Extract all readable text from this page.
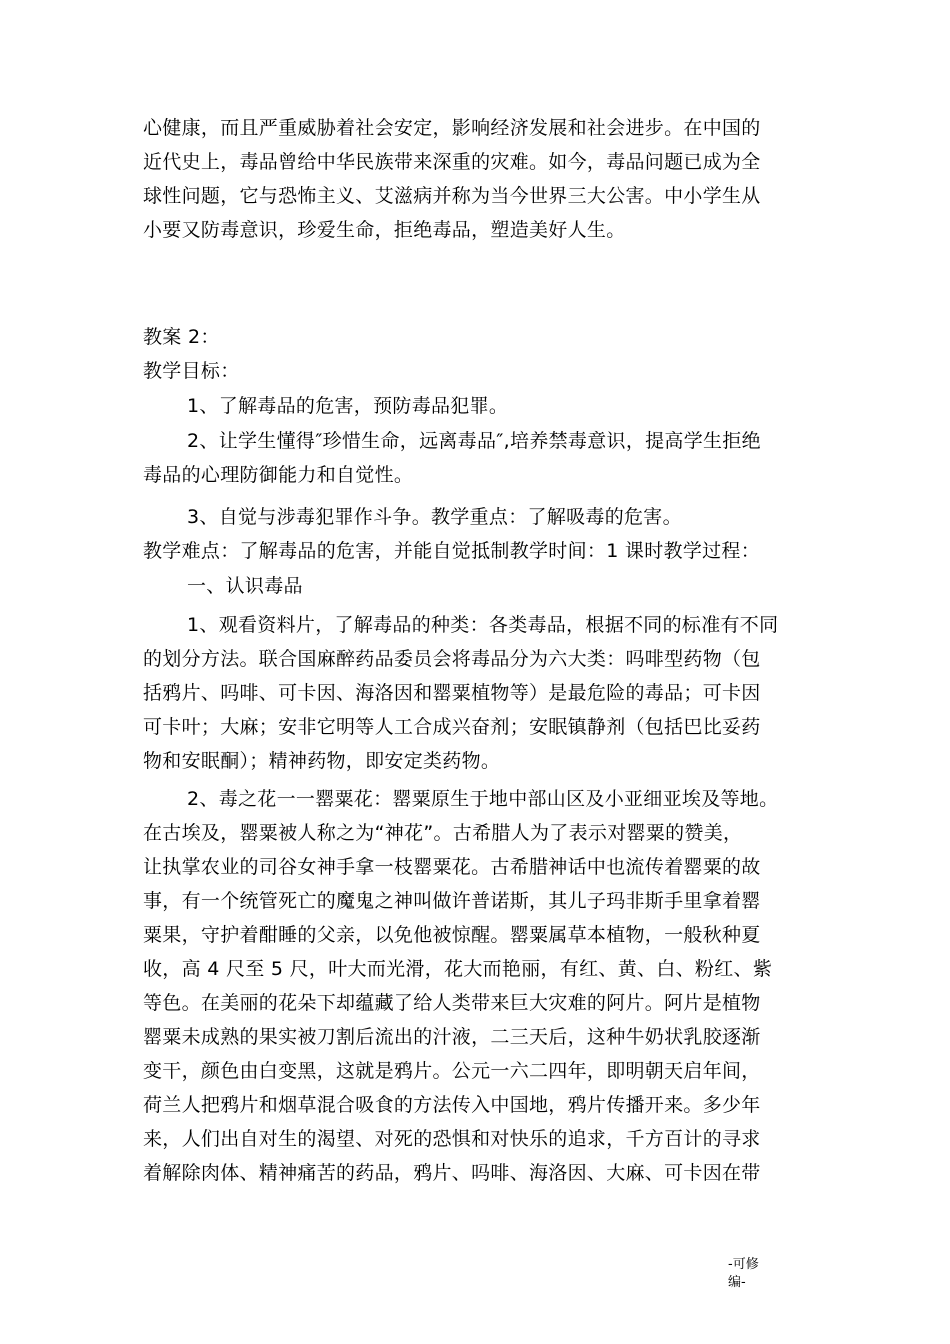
心健康，而且严重威胁着社会安定，影响经济发展和社会进步。在中国的
近代史上，毒品曾给中华民族带来深重的灾难。如今，毒品问题已成为全
球性问题，它与恐怖主义、艾滋病并称为当今世界三大公害。中小学生从
小要又防毒意识，珍爱生命，拒绝毒品，塑造美好人生。
教案 2：
教学目标：
1、了解毒品的危害，预防毒品犯罪。
2、让学生懂得″珍惜生命，远离毒品″,培养禁毒意识，提高学生拒绝
毒品的心理防御能力和自觉性。
3、自觉与涉毒犯罪作斗争。教学重点：了解吸毒的危害。
教学难点：了解毒品的危害，并能自觉抵制教学时间：1 课时教学过程：
一、认识毒品
1、观看资料片，了解毒品的种类：各类毒品，根据不同的标准有不同
的划分方法。联合国麻醉药品委员会将毒品分为六大类：吗啡型药物（包
括鸦片、吗啡、可卡因、海洛因和罂粟植物等）是最危险的毒品；可卡因
可卡叶；大麻；安非它明等人工合成兴奋剂；安眠镇静剂（包括巴比妥药
物和安眠酮）；精神药物，即安定类药物。
2、毒之花一一罂粟花：罂粟原生于地中部山区及小亚细亚埃及等地。
在古埃及，罂粟被人称之为“神花”。古希腊人为了表示对罂粟的赞美，
让执掌农业的司谷女神手拿一枝罂粟花。古希腊神话中也流传着罂粟的故
事，有一个统管死亡的魔鬼之神叫做许普诺斯，其儿子玛非斯手里拿着罂
粟果，守护着酣睡的父亲，以免他被惊醒。罂粟属草本植物，一般秋种夏
收，高 4 尺至 5 尺，叶大而光滑，花大而艳丽，有红、黄、白、粉红、紫
等色。在美丽的花朵下却蕴藏了给人类带来巨大灾难的阿片。阿片是植物
罂粟未成熟的果实被刀割后流出的汁液，二三天后，这种牛奶状乳胶逐渐
变干，颜色由白变黑，这就是鸦片。公元一六二四年，即明朝天启年间，
荷兰人把鸦片和烟草混合吸食的方法传入中国地，鸦片传播开来。多少年
来，人们出自对生的渴望、对死的恐惧和对快乐的追求，千方百计的寻求
着解除肉体、精神痛苦的药品，鸦片、吗啡、海洛因、大麻、可卡因在带
-可修
编-
